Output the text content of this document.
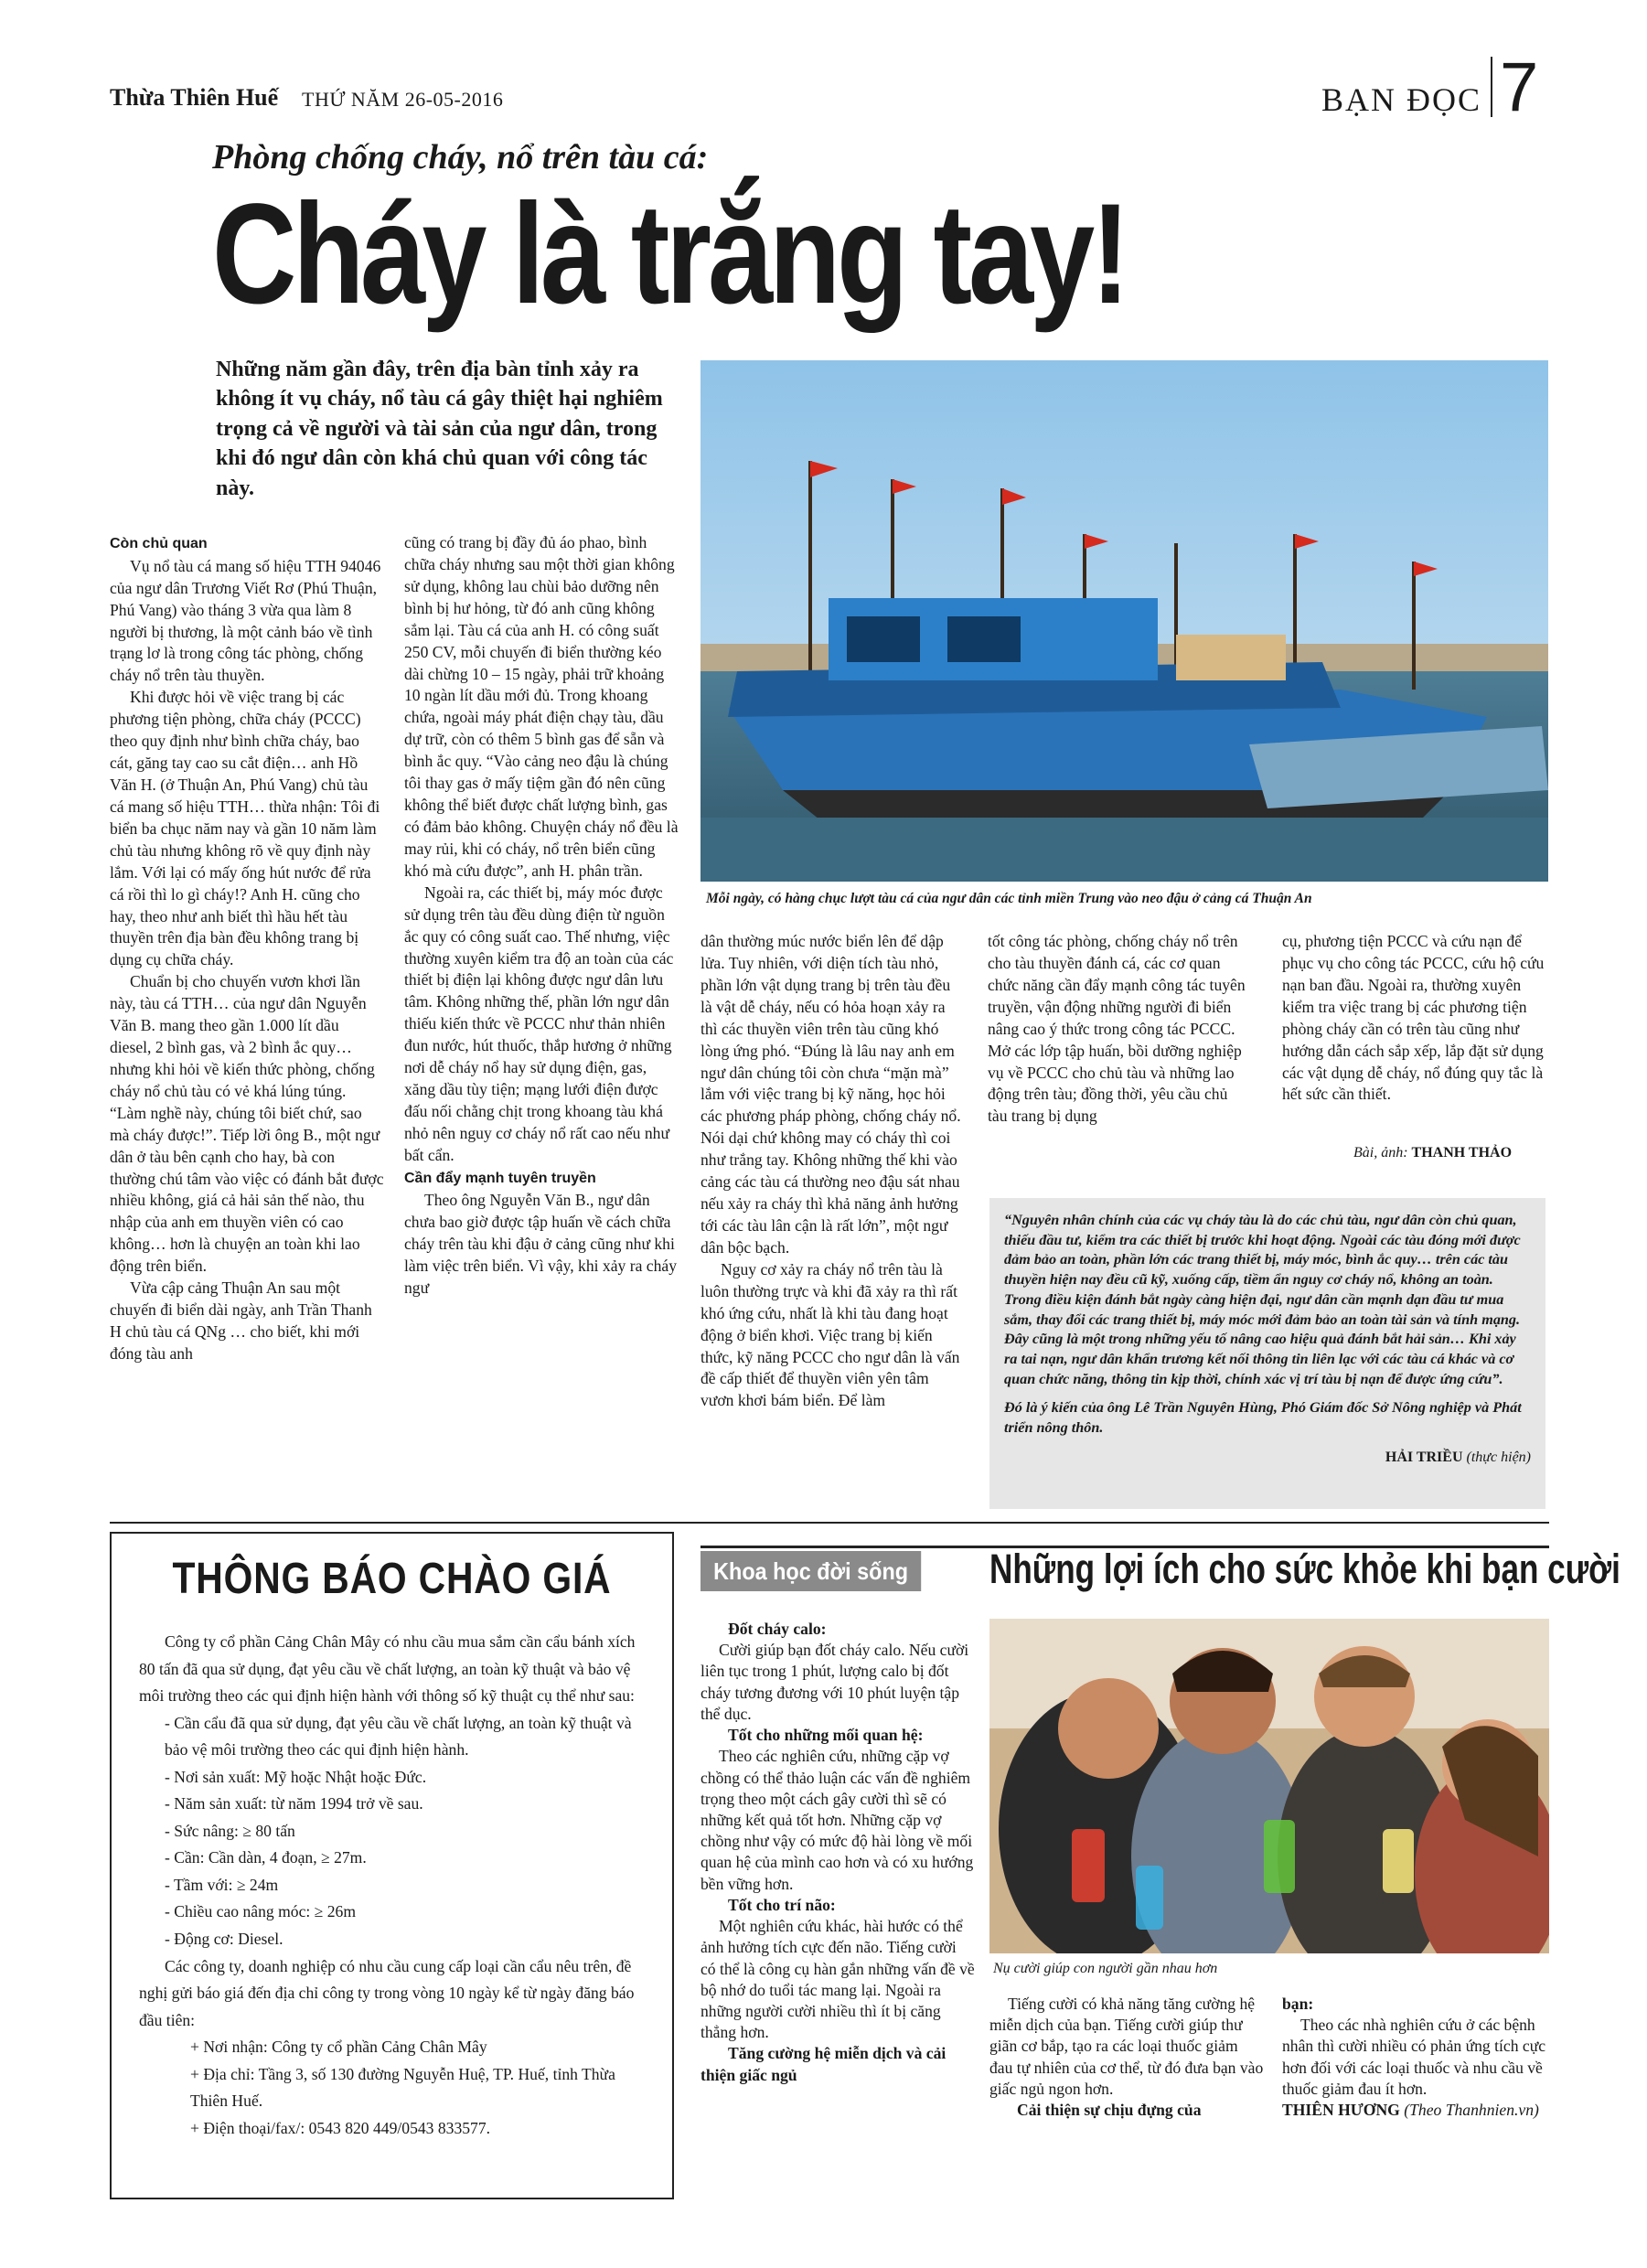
Thừa Thiên Huế THỨ NĂM 26-05-2016	BẠN ĐỌC 7
Phòng chống cháy, nổ trên tàu cá:
Cháy là trắng tay!
Những năm gần đây, trên địa bàn tỉnh xảy ra không ít vụ cháy, nổ tàu cá gây thiệt hại nghiêm trọng cả về người và tài sản của ngư dân, trong khi đó ngư dân còn khá chủ quan với công tác này.
Mỗi ngày, có hàng chục lượt tàu cá của ngư dân các tỉnh miền Trung vào neo đậu ở cảng cá Thuận An

Còn chủ quan

Vụ nổ tàu cá mang số hiệu TTH 94046 của ngư dân Trương Viết Rơ (Phú Thuận, Phú Vang) vào tháng 3 vừa qua làm 8 người bị thương, là một cảnh báo về tình trạng lơ là trong công tác phòng, chống cháy nổ trên tàu thuyền.

Khi được hỏi về việc trang bị các phương tiện phòng, chữa cháy (PCCC) theo quy định như bình chữa cháy, bao cát, găng tay cao su cắt điện… anh Hồ Văn H. (ở Thuận An, Phú Vang) chủ tàu cá mang số hiệu TTH… thừa nhận: Tôi đi biển ba chục năm nay và gần 10 năm làm chủ tàu nhưng không rõ về quy định này lắm. Với lại có mấy ống hút nước để rửa cá rồi thì lo gì cháy!? Anh H. cũng cho hay, theo như anh biết thì hầu hết tàu thuyền trên địa bàn đều không trang bị dụng cụ chữa cháy.

Chuẩn bị cho chuyến vươn khơi lần này, tàu cá TTH… của ngư dân Nguyễn Văn B. mang theo gần 1.000 lít dầu diesel, 2 bình gas, và 2 bình ắc quy… nhưng khi hỏi về kiến thức phòng, chống cháy nổ chủ tàu có vẻ khá lúng túng. “Làm nghề này, chúng tôi biết chứ, sao mà cháy được!”. Tiếp lời ông B., một ngư dân ở tàu bên cạnh cho hay, bà con thường chú tâm vào việc có đánh bắt được nhiều không, giá cả hải sản thế nào, thu nhập của anh em thuyền viên có cao không… hơn là chuyện an toàn khi lao động trên biển.

Vừa cập cảng Thuận An sau một chuyến đi biển dài ngày, anh Trần Thanh H chủ tàu cá QNg … cho biết, khi mới đóng tàu anh

cũng có trang bị đầy đủ áo phao, bình chữa cháy nhưng sau một thời gian không sử dụng, không lau chùi bảo dưỡng nên bình bị hư hỏng, từ đó anh cũng không sắm lại. Tàu cá của anh H. có công suất 250 CV, mỗi chuyến đi biển thường kéo dài chừng 10 – 15 ngày, phải trữ khoảng 10 ngàn lít dầu mới đủ. Trong khoang chứa, ngoài máy phát điện chạy tàu, dầu dự trữ, còn có thêm 5 bình gas để sẵn và bình ắc quy. “Vào cảng neo đậu là chúng tôi thay gas ở mấy tiệm gần đó nên cũng không thể biết được chất lượng bình, gas có đảm bảo không. Chuyện cháy nổ đều là may rủi, khi có cháy, nổ trên biển cũng khó mà cứu được”, anh H. phân trần.

Ngoài ra, các thiết bị, máy móc được sử dụng trên tàu đều dùng điện từ nguồn ắc quy có công suất cao. Thế nhưng, việc thường xuyên kiểm tra độ an toàn của các thiết bị điện lại không được ngư dân lưu tâm. Không những thế, phần lớn ngư dân thiếu kiến thức về PCCC như thản nhiên đun nước, hút thuốc, thắp hương ở những nơi dễ cháy nổ hay sử dụng điện, gas, xăng dầu tùy tiện; mạng lưới điện được đấu nối chằng chịt trong khoang tàu khá nhỏ nên nguy cơ cháy nổ rất cao nếu như bất cẩn.

Cần đẩy mạnh tuyên truyền

Theo ông Nguyễn Văn B., ngư dân chưa bao giờ được tập huấn về cách chữa cháy trên tàu khi đậu ở cảng cũng như khi làm việc trên biển. Vì vậy, khi xảy ra cháy ngư

dân thường múc nước biển lên để dập lửa. Tuy nhiên, với diện tích tàu nhỏ, phần lớn vật dụng trang bị trên tàu đều là vật dễ cháy, nếu có hỏa hoạn xảy ra thì các thuyền viên trên tàu cũng khó lòng ứng phó. “Đúng là lâu nay anh em ngư dân chúng tôi còn chưa “mặn mà” lắm với việc trang bị kỹ năng, học hỏi các phương pháp phòng, chống cháy nổ. Nói dại chứ không may có cháy thì coi như trắng tay. Không những thế khi vào cảng các tàu cá thường neo đậu sát nhau nếu xảy ra cháy thì khả năng ảnh hưởng tới các tàu lân cận là rất lớn”, một ngư dân bộc bạch.

Nguy cơ xảy ra cháy nổ trên tàu là luôn thường trực và khi đã xảy ra thì rất khó ứng cứu, nhất là khi tàu đang hoạt động ở biển khơi. Việc trang bị kiến thức, kỹ năng PCCC cho ngư dân là vấn đề cấp thiết để thuyền viên yên tâm vươn khơi bám biển. Để làm

tốt công tác phòng, chống cháy nổ trên cho tàu thuyền đánh cá, các cơ quan chức năng cần đẩy mạnh công tác tuyên truyền, vận động những người đi biển nâng cao ý thức trong công tác PCCC. Mở các lớp tập huấn, bồi dưỡng nghiệp vụ về PCCC cho chủ tàu và những lao động trên tàu; đồng thời, yêu cầu chủ tàu trang bị dụng

cụ, phương tiện PCCC và cứu nạn để phục vụ cho công tác PCCC, cứu hộ cứu nạn ban đầu. Ngoài ra, thường xuyên kiểm tra việc trang bị các phương tiện phòng cháy cần có trên tàu cũng như hướng dẫn cách sắp xếp, lắp đặt sử dụng các vật dụng dễ cháy, nổ đúng quy tắc là hết sức cần thiết.

Bài, ảnh: THANH THẢO

“Nguyên nhân chính của các vụ cháy tàu là do các chủ tàu, ngư dân còn chủ quan, thiếu đầu tư, kiểm tra các thiết bị trước khi hoạt động. Ngoài các tàu đóng mới được đảm bảo an toàn, phần lớn các trang thiết bị, máy móc, bình ắc quy… trên các tàu thuyền hiện nay đều cũ kỹ, xuống cấp, tiềm ẩn nguy cơ cháy nổ, không an toàn. Trong điều kiện đánh bắt ngày càng hiện đại, ngư dân cần mạnh dạn đầu tư mua sắm, thay đổi các trang thiết bị, máy móc mới đảm bảo an toàn tài sản và tính mạng. Đây cũng là một trong những yếu tố nâng cao hiệu quả đánh bắt hải sản… Khi xảy ra tai nạn, ngư dân khẩn trương kết nối thông tin liên lạc với các tàu cá khác và cơ quan chức năng, thông tin kịp thời, chính xác vị trí tàu bị nạn để được ứng cứu”.

Đó là ý kiến của ông Lê Trần Nguyên Hùng, Phó Giám đốc Sở Nông nghiệp và Phát triển nông thôn.

HẢI TRIỀU (thực hiện)

THÔNG BÁO CHÀO GIÁ

Công ty cổ phần Cảng Chân Mây có nhu cầu mua sắm cần cẩu bánh xích 80 tấn đã qua sử dụng, đạt yêu cầu về chất lượng, an toàn kỹ thuật và bảo vệ môi trường theo các qui định hiện hành với thông số kỹ thuật cụ thể như sau:

- Cần cẩu đã qua sử dụng, đạt yêu cầu về chất lượng, an toàn kỹ thuật và bảo vệ môi trường theo các qui định hiện hành.

- Nơi sản xuất: Mỹ hoặc Nhật hoặc Đức.

- Năm sản xuất: từ năm 1994 trở về sau.

- Sức nâng: ≥ 80 tấn

- Cần: Cần dàn, 4 đoạn, ≥ 27m.

- Tầm với: ≥ 24m

- Chiều cao nâng móc: ≥ 26m

- Động cơ: Diesel.

Các công ty, doanh nghiệp có nhu cầu cung cấp loại cần cẩu nêu trên, đề nghị gửi báo giá đến địa chỉ công ty trong vòng 10 ngày kể từ ngày đăng báo đầu tiên:

+ Nơi nhận: Công ty cổ phần Cảng Chân Mây

+ Địa chỉ: Tầng 3, số 130 đường Nguyễn Huệ, TP. Huế, tỉnh Thừa Thiên Huế.

+ Điện thoại/fax/: 0543 820 449/0543 833577.

Khoa học đời sống	Những lợi ích cho sức khỏe khi bạn cười

Đốt cháy calo:

Cười giúp bạn đốt cháy calo. Nếu cười liên tục trong 1 phút, lượng calo bị đốt cháy tương đương với 10 phút luyện tập thể dục.

Tốt cho những mối quan hệ:

Theo các nghiên cứu, những cặp vợ chồng có thể thảo luận các vấn đề nghiêm trọng theo một cách gây cười thì sẽ có những kết quả tốt hơn. Những cặp vợ chồng như vậy có mức độ hài lòng về mối quan hệ của mình cao hơn và có xu hướng bền vững hơn.

Tốt cho trí não:

Một nghiên cứu khác, hài hước có thể ảnh hưởng tích cực đến não. Tiếng cười có thể là công cụ hàn gắn những vấn đề về bộ nhớ do tuổi tác mang lại. Ngoài ra những người cười nhiều thì ít bị căng thẳng hơn.

Tăng cường hệ miễn dịch và cải thiện giấc ngủ

Nụ cười giúp con người gần nhau hơn

Tiếng cười có khả năng tăng cường hệ miễn dịch của bạn. Tiếng cười giúp thư giãn cơ bắp, tạo ra các loại thuốc giảm đau tự nhiên của cơ thể, từ đó đưa bạn vào giấc ngủ ngon hơn.

Cải thiện sự chịu đựng của

bạn:

Theo các nhà nghiên cứu ở các bệnh nhân thì cười nhiều có phản ứng tích cực hơn đối với các loại thuốc và nhu cầu về thuốc giảm đau ít hơn.

THIÊN HƯƠNG (Theo Thanhnien.vn)
